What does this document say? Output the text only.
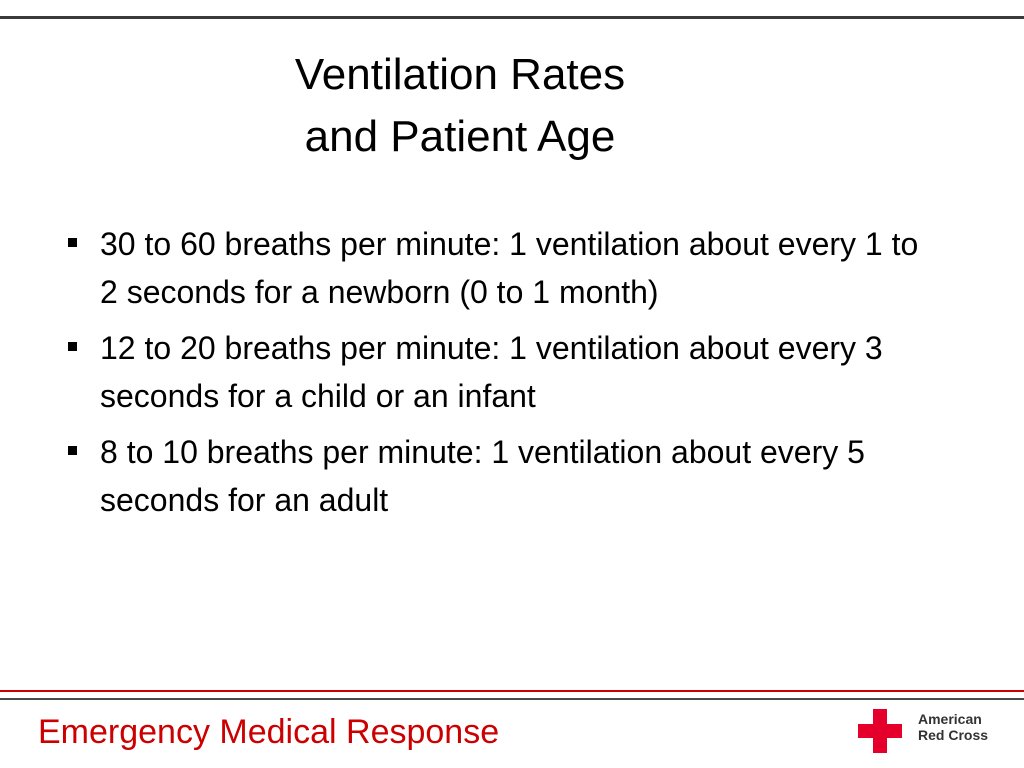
Ventilation Rates
and Patient Age
30 to 60 breaths per minute: 1 ventilation about every 1 to 2 seconds for a newborn (0 to 1 month)
12 to 20 breaths per minute: 1 ventilation about every 3 seconds for a child or an infant
8 to 10 breaths per minute: 1 ventilation about every 5 seconds for an adult
Emergency Medical Response	American
Red Cross
